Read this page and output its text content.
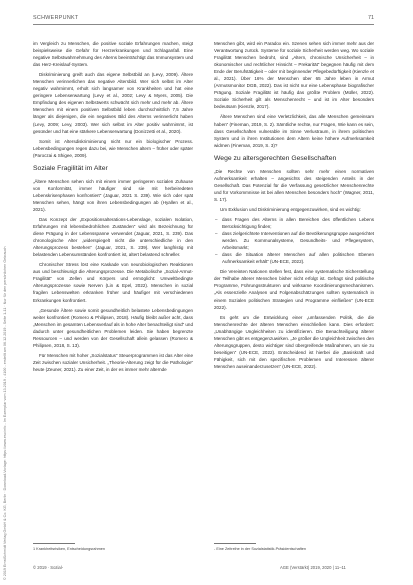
© 2019 ErnstSchmidt Verlag GmbH & Co. KG, Berlin · Download-Vorlage: https://www.esv.info - Im Exemplar vom 13.2019 - 4100 - erstellt am 06.12.2019 - Seite 1-11 · Nur für den persönlichen Gebrauch
SCHWERPUNKT	71

im Vergleich zu Menschen, die positive soziale Erfahrungen machen, steigt beispielsweise die Gefahr für Herzerkrankungen und Schlaganfall. Eine negative Selbstwahrnehmung des Alterns beeinträchtigt das Immunsystem und das Herz-Kreislauf-System.

Diskriminierung greift auch das eigene Selbstbild an (Levy, 2009). Ältere Menschen verinnerlichen das negative Altersbild. Wer sich selbst im Alter negativ wahrnimmt, erholt sich langsamer von Krankheiten und hat eine geringere Lebenserwartung (Levy et al., 2002; Levy & Myers, 2005). Die Empfindung des eigenen Selbstwerts schwächt sich mehr und mehr ab. Ältere Menschen mit einem positiven Selbstbild leben durchschnittlich 7,5 Jahre länger als diejenigen, die ein negatives Bild des Alterns verinnerlicht haben (Levy, 2009; Levy, 2003). Wer sich selbst im Alter positiv wahrnimmt, ist gesünder und hat eine stärkere Lebenserwartung (Donizzetti et al., 2020).

Somit ist Altersdiskriminierung nicht nur ein biologischer Prozess. Lebensbedingungen regen dazu bei, wie Menschen altern – früher oder später (Paroczai & Shigee, 2009).

Soziale Fragilität im Alter

„Ältere Menschen sehen sich mit einem immer geringeren sozialen Zuhause von Konformität, immer häufiger sind sie mit herbeiredeten Lebenskrisenphasen konfrontiert“ (Jaguar, 2021 S. 239). Wie sich oder spät Menschen sehen, hängt von ihren Lebensbedingungen ab (Hyallen et al., 2021).

Das Konzept der „Expositionsalterations-Lebenslage, sozialen Isolation, Erfahrungen mit lebensbedrohlichen Zuständen“ wird als Bezeichnung für diese Prägung in der Lebensspanne verwendet (Jaguar, 2021, S. 239). Das chronologische Alter „widerspiegelt nicht die unterschiedliche in den Alterungsprozess bestehen“ (Jaguar, 2021, S. 239). Wer langfristig mit belastenden Lebensumständen konfrontiert ist, altert belastend schneller.

Chronischer Stress löst eine Kaskade von neurobiologischen Reaktionen aus und beschleunigt die Alterungsprozesse. Die Metabolische „Sozial-Armut-Fragilität“ von Zellen und Körpers und ermöglicht: Umweltbedingte Alterungsprozesse sowie Nerven (Lin & Epel, 2022). Menschen in sozial fragilen Lebenswelten erkranken früher und häufiger mit verschiedenen Erkrankungen konfrontiert.

„Gesunde Ältere sowie somit gesundheitlich belastete Lebensbedingungen weiter konfrontiert (Romero & Philipsen, 2018). Häufig bleibt außer acht, dass „Menschen im gesamten Lebensverlauf als in hohe Alter benachteiligt sind“ und dadurch unter gesundheitlichen Problemen leiden. Sie haben begrenzte Ressourcen – und werden von der Gesellschaft allein gelassen (Romero & Philipsen, 2018, S. 13).

Für Menschen mit hoher „Sozialstatus“ Steuerprogrammen ist das Alter eine Zeit zwischen sozialer Unsicherheit. „Theorie-Alterung zeigt für die Pathologie“ heute (Zeuner, 2021). Zu einer Zeit, in der es immer mehr alternde

Menschen gibt, wird ein Paradox ein. Szenen sehen sich immer mehr aus der Verantwortung zurück. Systeme für soziale Sicherheit werden weg. Wo soziale Fragilität Menschen bedroht, sind „Altern, chronische Unsicherheit – in ökonomischer und rechtlicher Hinsicht – Prekarität“ begegnen häufig mit dem Ende der Berufstätigkeit – oder mit beginnender Pflegebedürftigkeit (Kienzle et al., 2021). Über 16% der Menschen über 65 Jahre leben in Armut (Armutsmonitor DGB, 2022). Das ist nicht nur eine Lebensphase biografischer Prägung. Soziale Fragilität ist häufig das größte Problem (Müller, 2022). Soziale Sicherheit gilt als Menschenrecht – und ist im Alter besonders bedeutsam (Kienzle, 2017).

Ältere Menschen sind eine Verletzlichkeit, das alle Menschen gemeinsam haben“ (Fineman, 2019, S. 2). Sämtliche rechte, nur Fragen, Wie kann es sein, dass Gesellschaften vulnerable im Sinne Verlustraum, in ihrem politischen System und in ihren Institutionen dem Altern keine höhere Aufmerksamkeit widmen (Fineman, 2019, S. 3)?

Wege zu altersgerechten Gesellschaften

„Die Rechte von Menschen sollten sehr mehr einen normativen Aufmerksamkeit erhalten – angesichts des steigenden Anteils in der Gesellschaft. Das Potenzial für die Verfassung gesetzlicher Menschenrechte und für Vorkommnisse ist bei allen Menschen besonders hoch“ (Wagner, 2011, S. 17).

Um Exklusion und Diskriminierung entgegenzuwirken, sind es wichtig:

– dass Fragen des Alterns in allen Bereichen des öffentlichen Lebens Berücksichtigung finden;
– dass zielgerichtete Interventionen auf die Bevölkerungsgruppe ausgerichtet werden. Zu Kommunalsysteme, Gesundheits- und Pflegesystem, Arbeitsmarkt;
– dass die Situation älterer Menschen auf allen politischen Ebenen Aufmerksamkeit erhält“ (UN-ECE, 2022).

Die Vereinten Nationen stellen fest, dass eine systematische Sicherstellung der Teilhabe älterer Menschen bisher nicht erfolgt ist. Gefragt sind politische Programme, Führungsstrukturen und wirksame Koordinierungsmechanismen. „Als essenzielle Analysen und Folgenabschätzungen sollten systematisch in einem Sozialen politischen Strategien und Programme einfließen“ (UN-ECE 2022).

Es geht um die Entwicklung einer „umfassenden Politik, die die Menschenrechte der älteren Menschen einschließen kann. Dies erfordert: „Unabhängige Ungleichheiten zu identifizieren. Die Benachteiligung älterer Menschen gibt es entgegenzuwirken. „Je größer die Ungleichheit zwischen den Alterungsgruppen, desto wichtiger sind übergreifende Maßnahmen, um sie zu beseitigen“ (UN-ECE, 2022). Entscheidend ist hierbei die „Basiskraft und Fähigkeit, sich mit den spezifischen Problemen und Interessen älterer Menschen auseinanderzusetzen“ (UN-ECE, 2022).

1 Krankheitsrisiken, Entscheidungsrahmen	- Eine Zeitreihe in der Sozialstatistik-Präsidentschaften
© 2019 · Sozial-	AGE (Verstärkt) 2019, 2020 | 11–11
